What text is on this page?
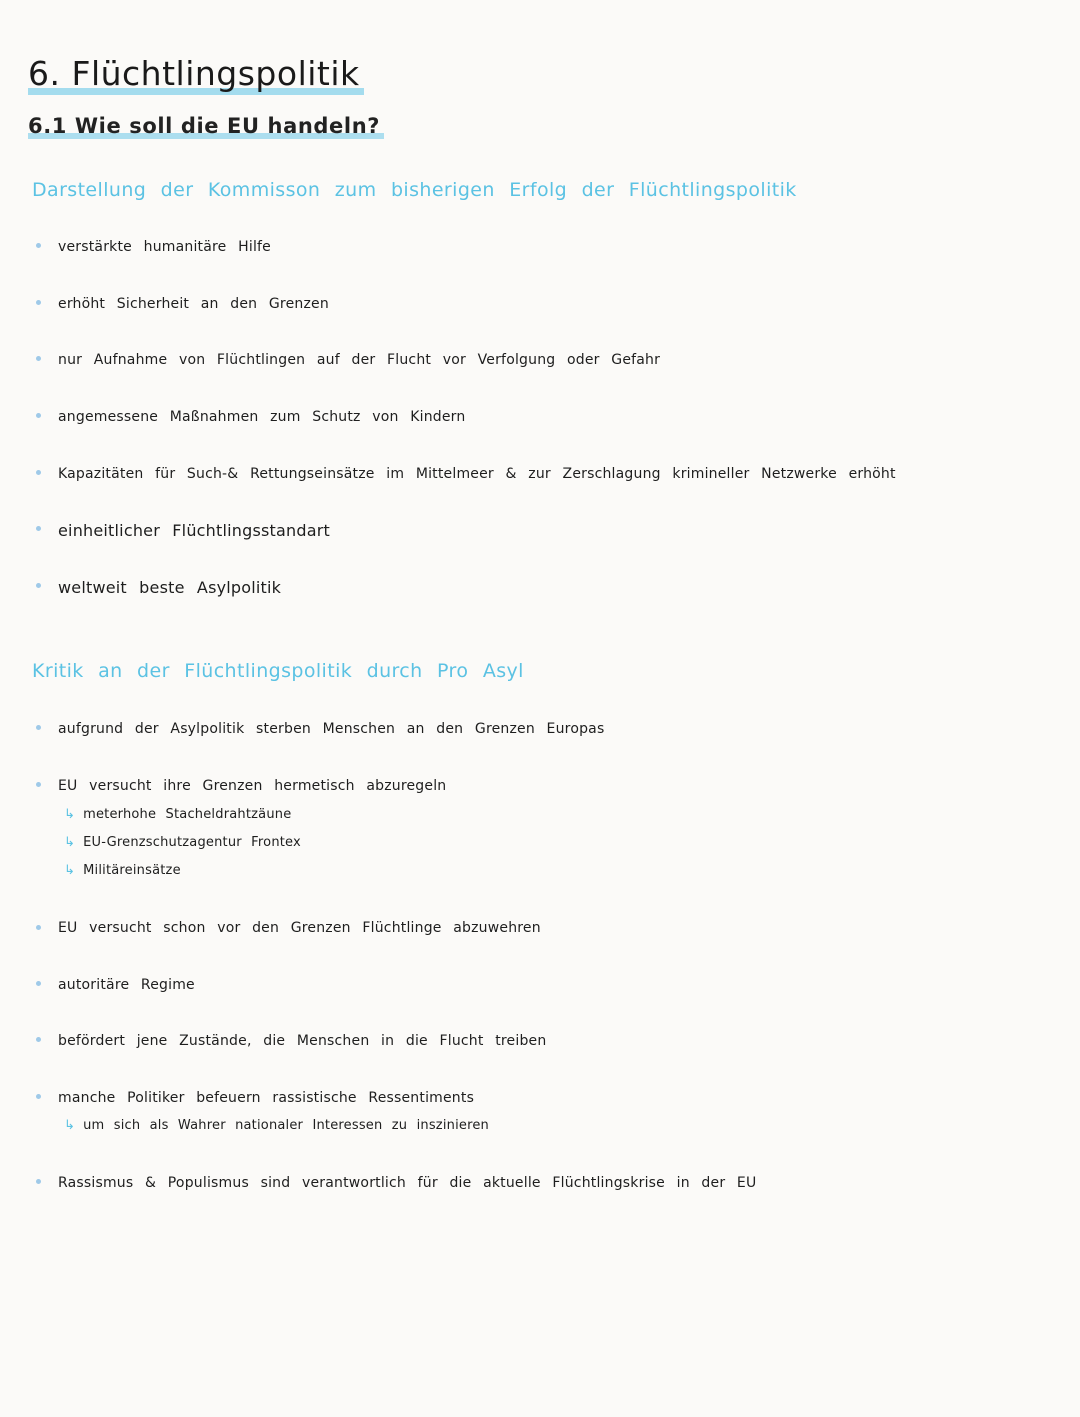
6. Flüchtlingspolitik
6.1 Wie soll die EU handeln?
Darstellung der Kommisson zum bisherigen Erfolg der Flüchtlingspolitik
verstärkte humanitäre Hilfe
erhöht Sicherheit an den Grenzen
nur Aufnahme von Flüchtlingen auf der Flucht vor Verfolgung oder Gefahr
angemessene Maßnahmen zum Schutz von Kindern
Kapazitäten für Such-& Rettungseinsätze im Mittelmeer & zur Zerschlagung krimineller Netzwerke erhöht
einheitlicher Flüchtlingsstandart
weltweit beste Asylpolitik
Kritik an der Flüchtlingspolitik durch Pro Asyl
aufgrund der Asylpolitik sterben Menschen an den Grenzen Europas
EU versucht ihre Grenzen hermetisch abzuregeln
↳ meterhohe Stacheldrahtzäune
↳ EU-Grenzschutzagentur Frontex
↳ Militäreinsätze
EU versucht schon vor den Grenzen Flüchtlinge abzuwehren
autoritäre Regime
befördert jene Zustände, die Menschen in die Flucht treiben
manche Politiker befeuern rassistische Ressentiments
↳ um sich als Wahrer nationaler Interessen zu inszinieren
Rassismus & Populismus sind verantwortlich für die aktuelle Flüchtlingskrise in der EU
